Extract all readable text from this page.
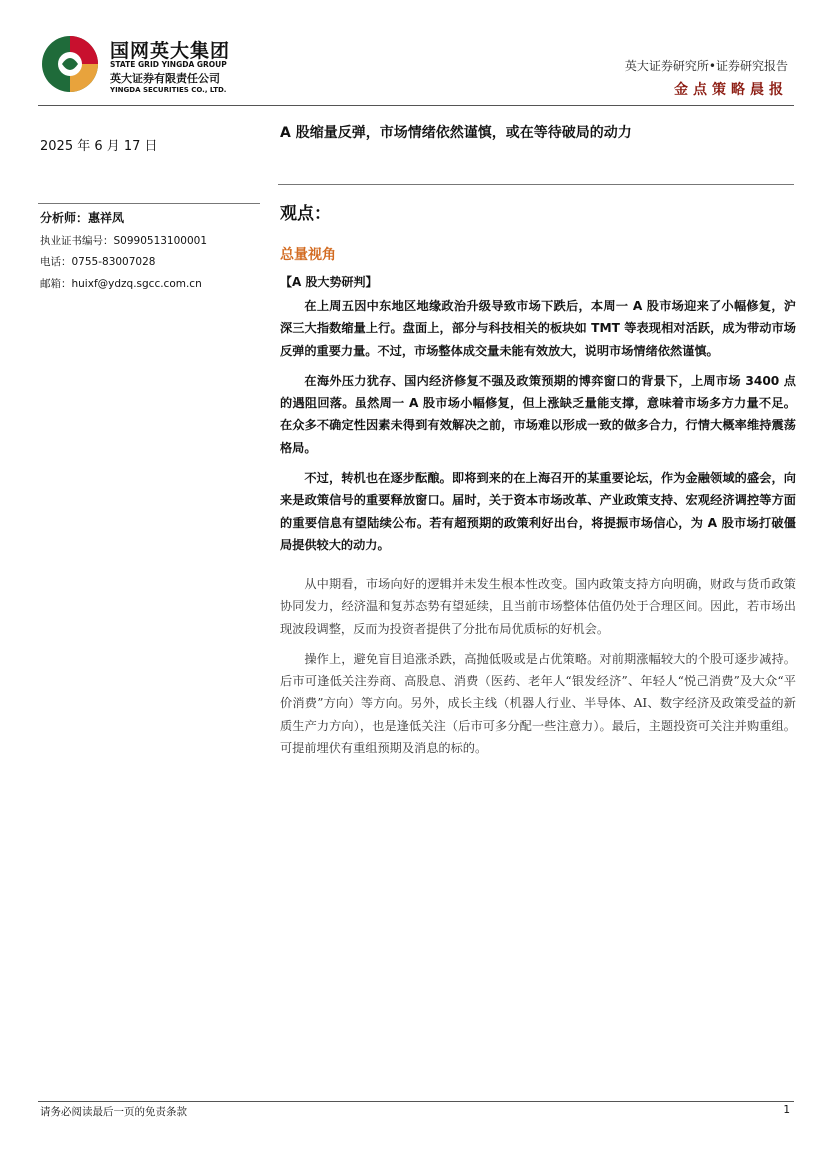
国网英大集团
STATE GRID YINGDA GROUP
英大证券有限责任公司
YINGDA SECURITIES CO., LTD.
英大证券研究所•证券研究报告
金点策略晨报
2025 年 6 月 17 日
分析师：惠祥凤
执业证书编号：S0990513100001
电话：0755-83007028
邮箱：huixf@ydzq.sgcc.com.cn
A 股缩量反弹，市场情绪依然谨慎，或在等待破局的动力
观点：
总量视角
【A 股大势研判】

在上周五因中东地区地缘政治升级导致市场下跌后，本周一 A 股市场迎来了小幅修复，沪深三大指数缩量上行。盘面上，部分与科技相关的板块如 TMT 等表现相对活跃，成为带动市场反弹的重要力量。不过，市场整体成交量未能有效放大，说明市场情绪依然谨慎。

在海外压力犹存、国内经济修复不强及政策预期的博弈窗口的背景下，上周市场 3400 点的遇阻回落。虽然周一 A 股市场小幅修复，但上涨缺乏量能支撑，意味着市场多方力量不足。在众多不确定性因素未得到有效解决之前，市场难以形成一致的做多合力，行情大概率维持震荡格局。

不过，转机也在逐步酝酿。即将到来的在上海召开的某重要论坛，作为金融领域的盛会，向来是政策信号的重要释放窗口。届时，关于资本市场改革、产业政策支持、宏观经济调控等方面的重要信息有望陆续公布。若有超预期的政策利好出台，将提振市场信心，为 A 股市场打破僵局提供较大的动力。

从中期看，市场向好的逻辑并未发生根本性改变。国内政策支持方向明确，财政与货币政策协同发力，经济温和复苏态势有望延续，且当前市场整体估值仍处于合理区间。因此，若市场出现波段调整，反而为投资者提供了分批布局优质标的好机会。

操作上，避免盲目追涨杀跌，高抛低吸或是占优策略。对前期涨幅较大的个股可逐步减持。后市可逢低关注券商、高股息、消费（医药、老年人“银发经济”、年轻人“悦己消费”及大众“平价消费”方向）等方向。另外，成长主线（机器人行业、半导体、AI、数字经济及政策受益的新质生产力方向），也是逢低关注（后市可多分配一些注意力）。最后，主题投资可关注并购重组。可提前埋伏有重组预期及消息的标的。

请务必阅读最后一页的免责条款	1
